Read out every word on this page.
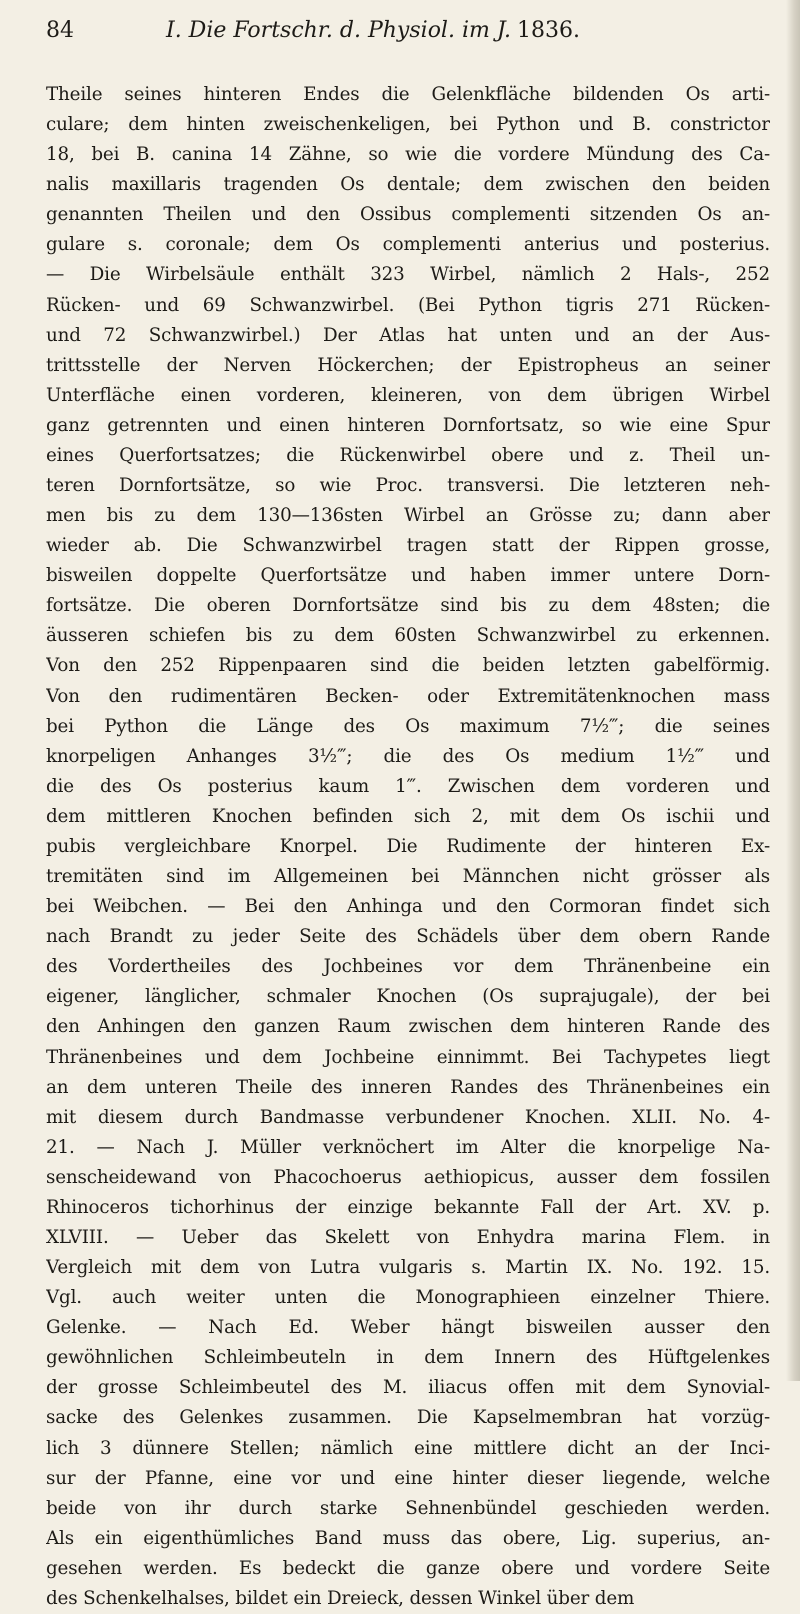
84	I. Die Fortschr. d. Physiol. im J. 1836.
Theile seines hinteren Endes die Gelenkfläche bildenden Os arti-
culare; dem hinten zweischenkeligen, bei Python und B. constrictor
18, bei B. canina 14 Zähne, so wie die vordere Mündung des Ca-
nalis maxillaris tragenden Os dentale; dem zwischen den beiden
genannten Theilen und den Ossibus complementi sitzenden Os an-
gulare s. coronale; dem Os complementi anterius und posterius.
— Die Wirbelsäule enthält 323 Wirbel, nämlich 2 Hals-, 252
Rücken- und 69 Schwanzwirbel. (Bei Python tigris 271 Rücken-
und 72 Schwanzwirbel.) Der Atlas hat unten und an der Aus-
trittsstelle der Nerven Höckerchen; der Epistropheus an seiner
Unterfläche einen vorderen, kleineren, von dem übrigen Wirbel
ganz getrennten und einen hinteren Dornfortsatz, so wie eine Spur
eines Querfortsatzes; die Rückenwirbel obere und z. Theil un-
teren Dornfortsätze, so wie Proc. transversi. Die letzteren neh-
men bis zu dem 130—136sten Wirbel an Grösse zu; dann aber
wieder ab. Die Schwanzwirbel tragen statt der Rippen grosse,
bisweilen doppelte Querfortsätze und haben immer untere Dorn-
fortsätze. Die oberen Dornfortsätze sind bis zu dem 48sten; die
äusseren schiefen bis zu dem 60sten Schwanzwirbel zu erkennen.
Von den 252 Rippenpaaren sind die beiden letzten gabelförmig.
Von den rudimentären Becken- oder Extremitätenknochen mass
bei Python die Länge des Os maximum 7½‴; die seines
knorpeligen Anhanges 3½‴; die des Os medium 1½‴ und
die des Os posterius kaum 1‴. Zwischen dem vorderen und
dem mittleren Knochen befinden sich 2, mit dem Os ischii und
pubis vergleichbare Knorpel. Die Rudimente der hinteren Ex-
tremitäten sind im Allgemeinen bei Männchen nicht grösser als
bei Weibchen. — Bei den Anhinga und den Cormoran findet sich
nach Brandt zu jeder Seite des Schädels über dem obern Rande
des Vordertheiles des Jochbeines vor dem Thränenbeine ein
eigener, länglicher, schmaler Knochen (Os suprajugale), der bei
den Anhingen den ganzen Raum zwischen dem hinteren Rande des
Thränenbeines und dem Jochbeine einnimmt. Bei Tachypetes liegt
an dem unteren Theile des inneren Randes des Thränenbeines ein
mit diesem durch Bandmasse verbundener Knochen. XLII. No. 4-
21. — Nach J. Müller verknöchert im Alter die knorpelige Na-
senscheidewand von Phacochoerus aethiopicus, ausser dem fossilen
Rhinoceros tichorhinus der einzige bekannte Fall der Art. XV. p.
XLVIII. — Ueber das Skelett von Enhydra marina Flem. in
Vergleich mit dem von Lutra vulgaris s. Martin IX. No. 192. 15.
Vgl. auch weiter unten die Monographieen einzelner Thiere.
Gelenke. — Nach Ed. Weber hängt bisweilen ausser den
gewöhnlichen Schleimbeuteln in dem Innern des Hüftgelenkes
der grosse Schleimbeutel des M. iliacus offen mit dem Synovial-
sacke des Gelenkes zusammen. Die Kapselmembran hat vorzüg-
lich 3 dünnere Stellen; nämlich eine mittlere dicht an der Inci-
sur der Pfanne, eine vor und eine hinter dieser liegende, welche
beide von ihr durch starke Sehnenbündel geschieden werden.
Als ein eigenthümliches Band muss das obere, Lig. superius, an-
gesehen werden. Es bedeckt die ganze obere und vordere Seite
des Schenkelhalses, bildet ein Dreieck, dessen Winkel über dem
